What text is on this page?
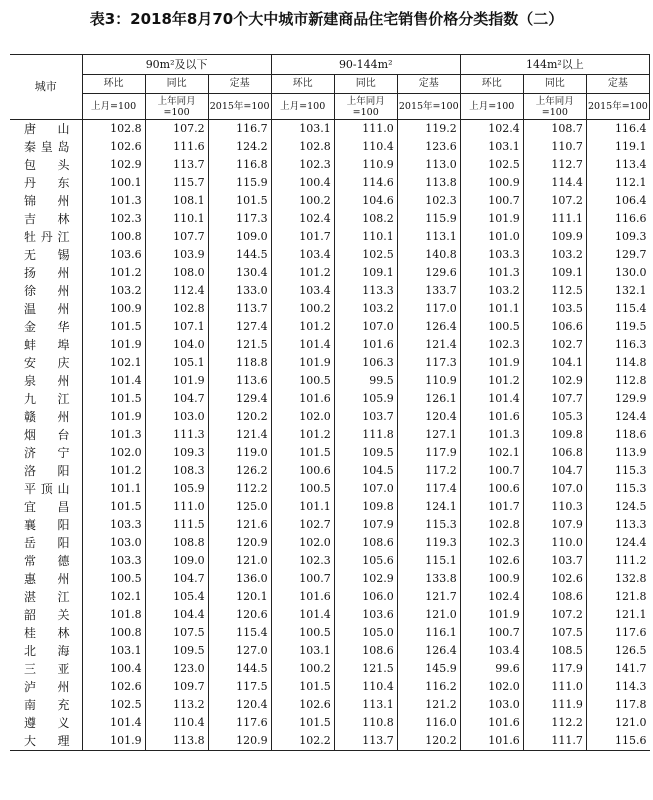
表3：2018年8月70个大中城市新建商品住宅销售价格分类指数（二）
城市	90m²及以下			90-144m²			144m²以上		
	环比	同比	定基	环比	同比	定基	环比	同比	定基
	上月=100	上年同月=100	2015年=100	上月=100	上年同月=100	2015年=100	上月=100	上年同月=100	2015年=100
唐山	102.8	107.2	116.7	103.1	111.0	119.2	102.4	108.7	116.4
秦皇岛	102.6	111.6	124.2	102.8	110.4	123.6	103.1	110.7	119.1
包头	102.9	113.7	116.8	102.3	110.9	113.0	102.5	112.7	113.4
丹东	100.1	115.7	115.9	100.4	114.6	113.8	100.9	114.4	112.1
锦州	101.3	108.1	101.5	100.2	104.6	102.3	100.7	107.2	106.4
吉林	102.3	110.1	117.3	102.4	108.2	115.9	101.9	111.1	116.6
牡丹江	100.8	107.7	109.0	101.7	110.1	113.1	101.0	109.9	109.3
无锡	103.6	103.9	144.5	103.4	102.5	140.8	103.3	103.2	129.7
扬州	101.2	108.0	130.4	101.2	109.1	129.6	101.3	109.1	130.0
徐州	103.2	112.4	133.0	103.4	113.3	133.7	103.2	112.5	132.1
温州	100.9	102.8	113.7	100.2	103.2	117.0	101.1	103.5	115.4
金华	101.5	107.1	127.4	101.2	107.0	126.4	100.5	106.6	119.5
蚌埠	101.9	104.0	121.5	101.4	101.6	121.4	102.3	102.7	116.3
安庆	102.1	105.1	118.8	101.9	106.3	117.3	101.9	104.1	114.8
泉州	101.4	101.9	113.6	100.5	99.5	110.9	101.2	102.9	112.8
九江	101.5	104.7	129.4	101.6	105.9	126.1	101.4	107.7	129.9
赣州	101.9	103.0	120.2	102.0	103.7	120.4	101.6	105.3	124.4
烟台	101.3	111.3	121.4	101.2	111.8	127.1	101.3	109.8	118.6
济宁	102.0	109.3	119.0	101.5	109.5	117.9	102.1	106.8	113.9
洛阳	101.2	108.3	126.2	100.6	104.5	117.2	100.7	104.7	115.3
平顶山	101.1	105.9	112.2	100.5	107.0	117.4	100.6	107.0	115.3
宜昌	101.5	111.0	125.0	101.1	109.8	124.1	101.7	110.3	124.5
襄阳	103.3	111.5	121.6	102.7	107.9	115.3	102.8	107.9	113.3
岳阳	103.0	108.8	120.9	102.0	108.6	119.3	102.3	110.0	124.4
常德	103.3	109.0	121.0	102.3	105.6	115.1	102.6	103.7	111.2
惠州	100.5	104.7	136.0	100.7	102.9	133.8	100.9	102.6	132.8
湛江	102.1	105.4	120.1	101.6	106.0	121.7	102.4	108.6	121.8
韶关	101.8	104.4	120.6	101.4	103.6	121.0	101.9	107.2	121.1
桂林	100.8	107.5	115.4	100.5	105.0	116.1	100.7	107.5	117.6
北海	103.1	109.5	127.0	103.1	108.6	126.4	103.4	108.5	126.5
三亚	100.4	123.0	144.5	100.2	121.5	145.9	99.6	117.9	141.7
泸州	102.6	109.7	117.5	101.5	110.4	116.2	102.0	111.0	114.3
南充	102.5	113.2	120.4	102.6	113.1	121.2	103.0	111.9	117.8
遵义	101.4	110.4	117.6	101.5	110.8	116.0	101.6	112.2	121.0
大理	101.9	113.8	120.9	102.2	113.7	120.2	101.6	111.7	115.6
